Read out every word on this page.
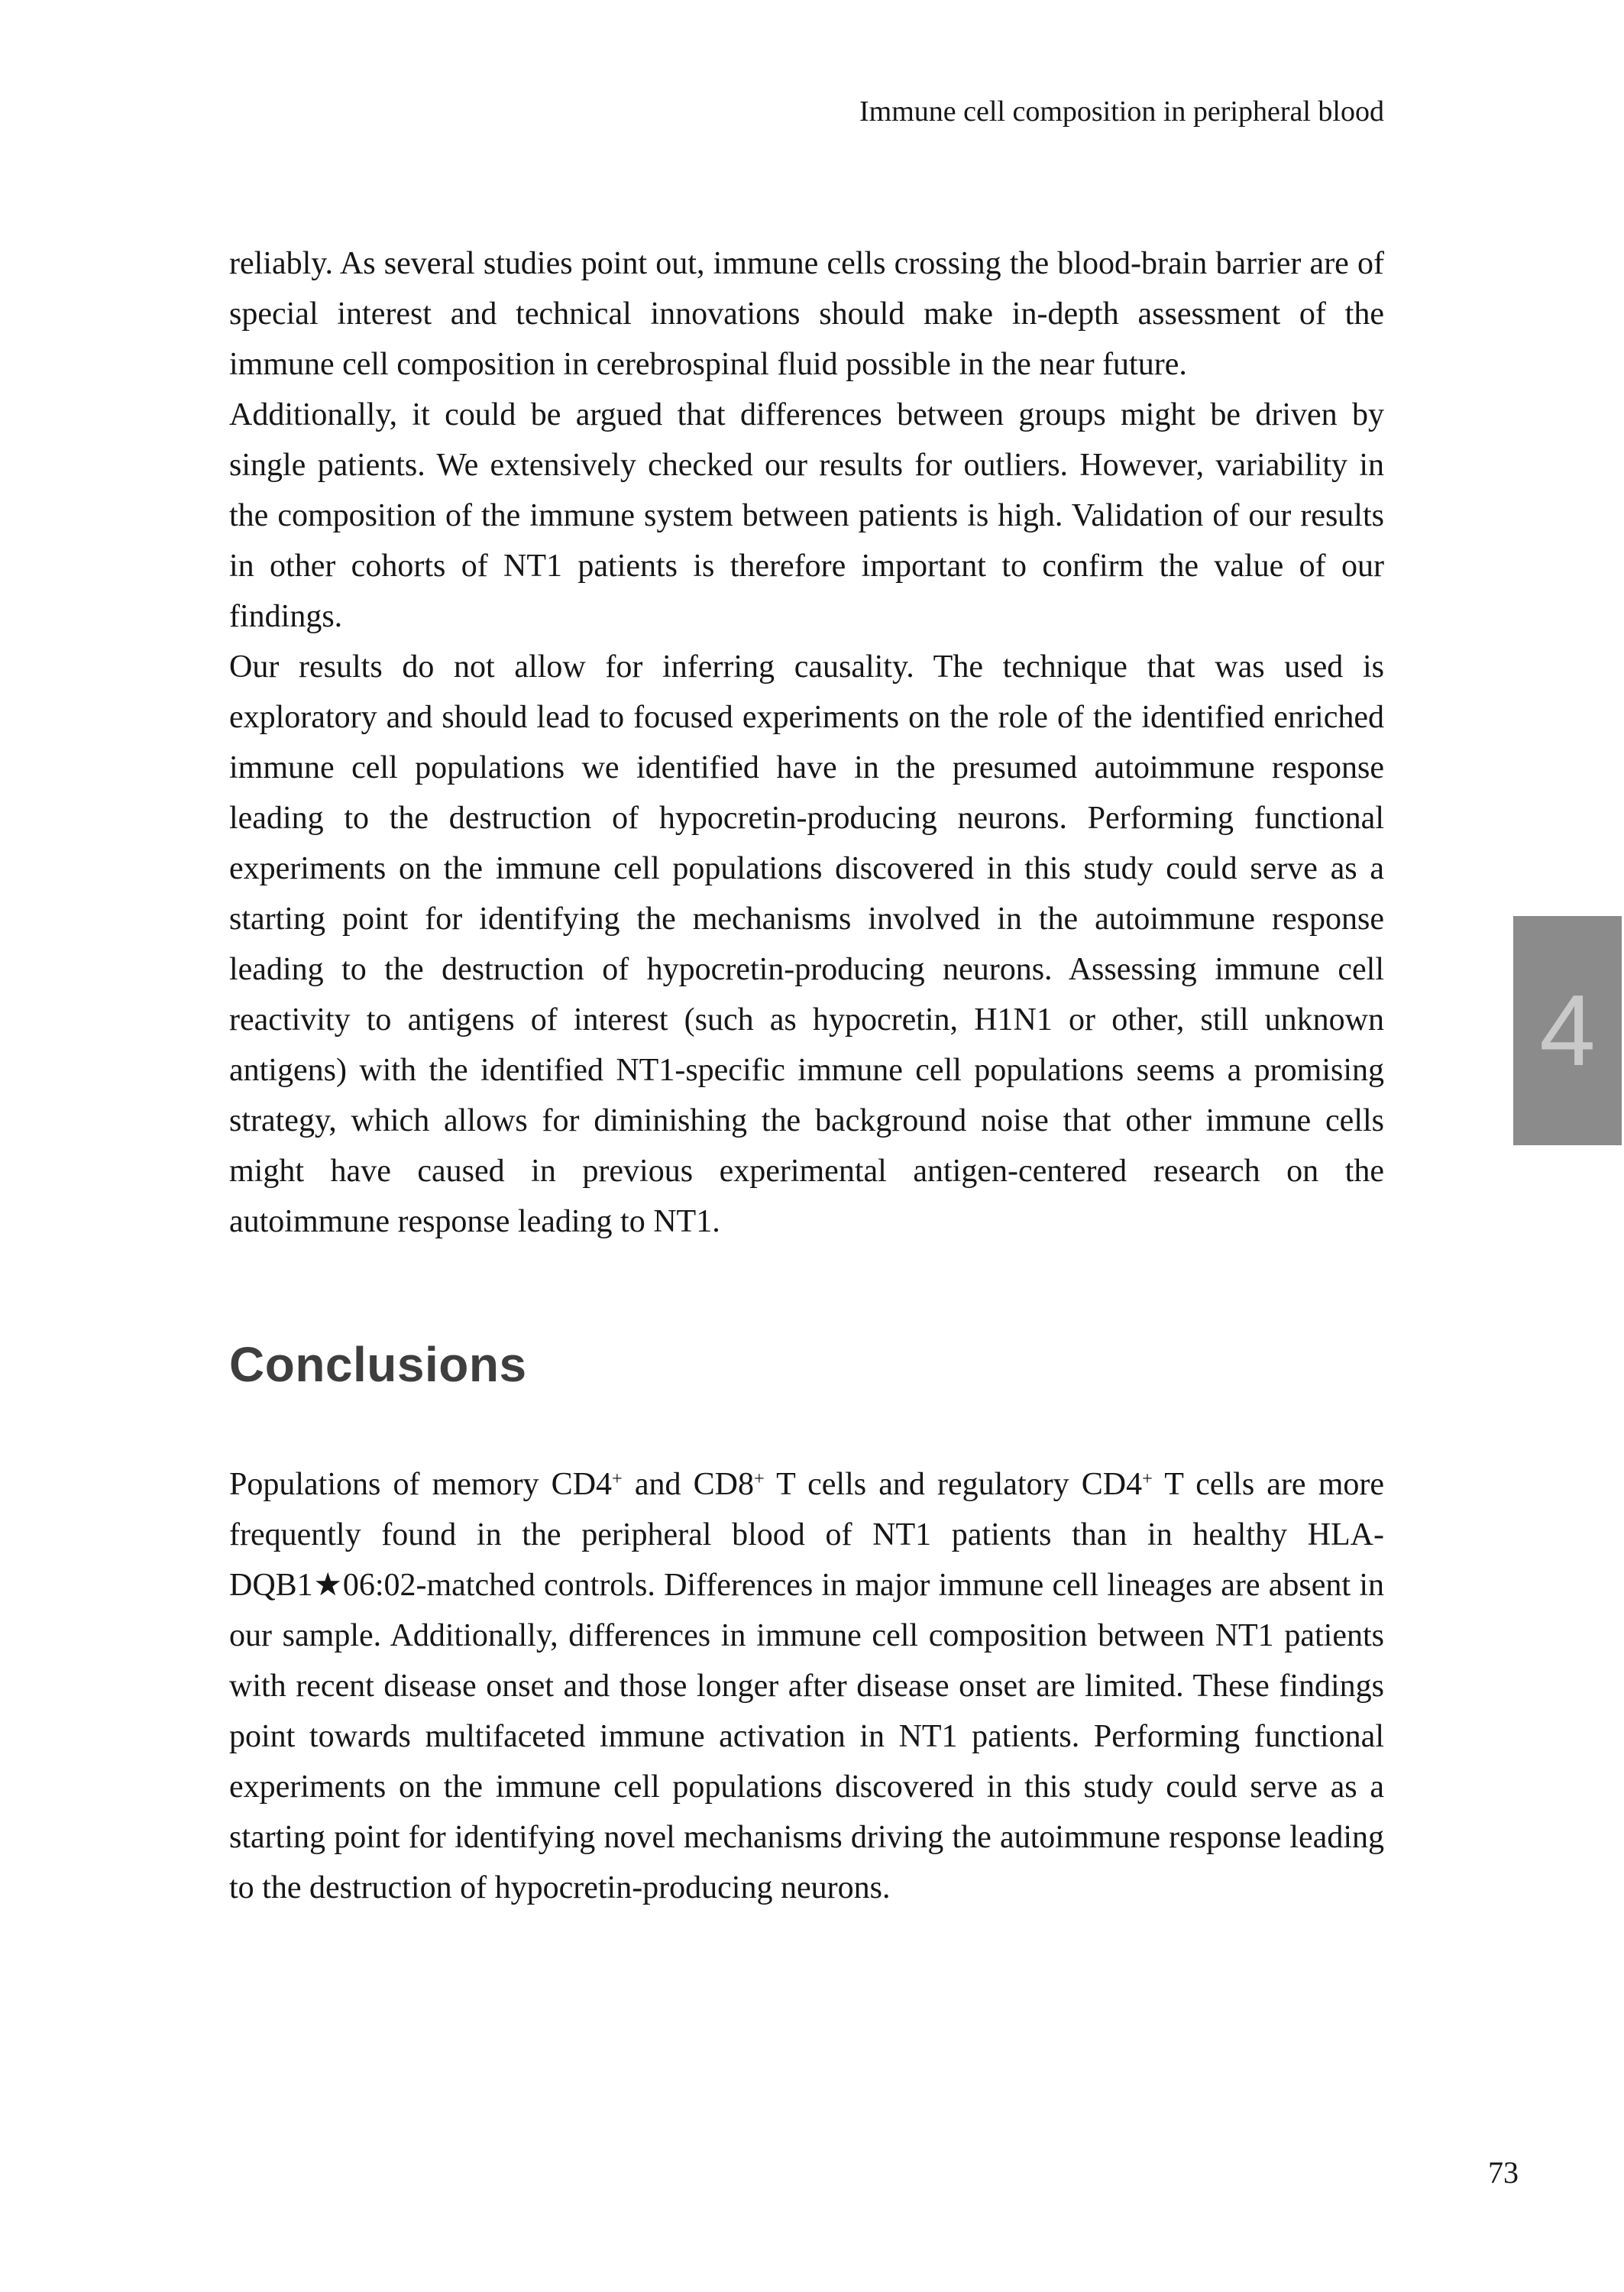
Immune cell composition in peripheral blood

reliably. As several studies point out, immune cells crossing the blood-brain barrier are of special interest and technical innovations should make in-depth assessment of the immune cell composition in cerebrospinal fluid possible in the near future.

Additionally, it could be argued that differences between groups might be driven by single patients. We extensively checked our results for outliers. However, variability in the composition of the immune system between patients is high. Validation of our results in other cohorts of NT1 patients is therefore important to confirm the value of our findings.

Our results do not allow for inferring causality. The technique that was used is exploratory and should lead to focused experiments on the role of the identified enriched immune cell populations we identified have in the presumed autoimmune response leading to the destruction of hypocretin-producing neurons. Performing functional experiments on the immune cell populations discovered in this study could serve as a starting point for identifying the mechanisms involved in the autoimmune response leading to the destruction of hypocretin-producing neurons. Assessing immune cell reactivity to antigens of interest (such as hypocretin, H1N1 or other, still unknown antigens) with the identified NT1-specific immune cell populations seems a promising strategy, which allows for diminishing the background noise that other immune cells might have caused in previous experimental antigen-centered research on the autoimmune response leading to NT1.

Conclusions

Populations of memory CD4+ and CD8+ T cells and regulatory CD4+ T cells are more frequently found in the peripheral blood of NT1 patients than in healthy HLA-DQB1★06:02-matched controls. Differences in major immune cell lineages are absent in our sample. Additionally, differences in immune cell composition between NT1 patients with recent disease onset and those longer after disease onset are limited. These findings point towards multifaceted immune activation in NT1 patients. Performing functional experiments on the immune cell populations discovered in this study could serve as a starting point for identifying novel mechanisms driving the autoimmune response leading to the destruction of hypocretin-producing neurons.

4
73
